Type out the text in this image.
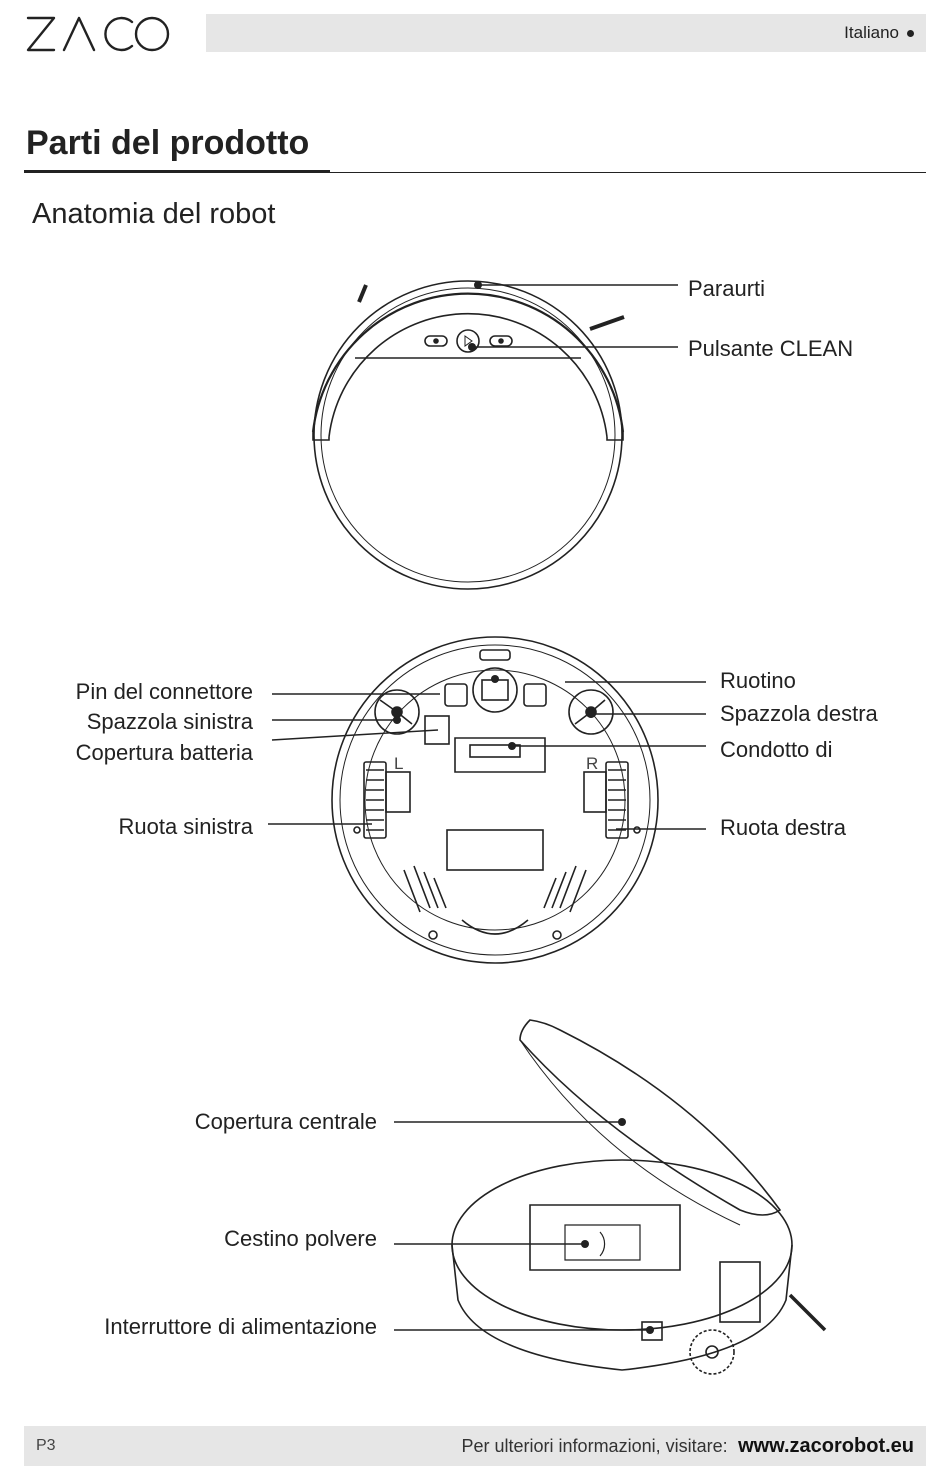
Italiano
Parti del prodotto
Anatomia del robot
L	R
Paraurti
Pulsante CLEAN
Pin del connettore
Spazzola sinistra
Copertura batteria
Ruota sinistra
Ruotino
Spazzola destra
Condotto di
Ruota destra
Copertura centrale
Cestino polvere
Interruttore di alimentazione
P3	Per ulteriori informazioni, visitare: www.zacorobot.eu
